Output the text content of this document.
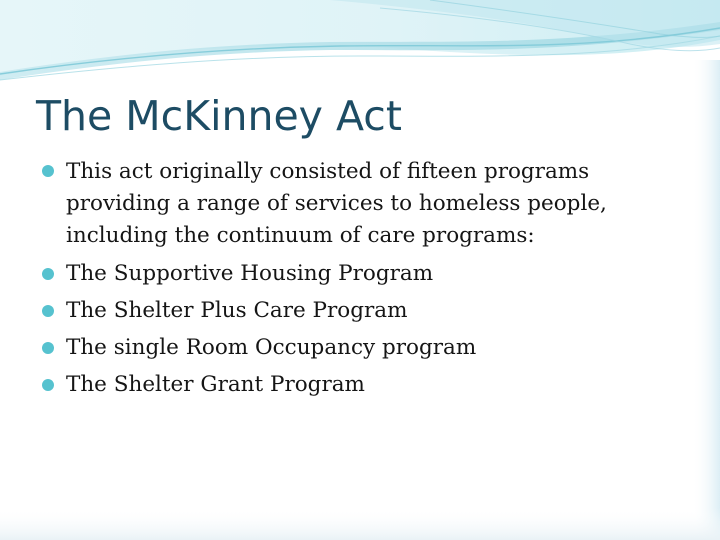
The McKinney Act
This act originally consisted of fifteen programs providing a range of services to homeless people, including the continuum of care programs:
The Supportive Housing Program
The Shelter Plus Care Program
The single Room Occupancy program
The Shelter Grant Program
